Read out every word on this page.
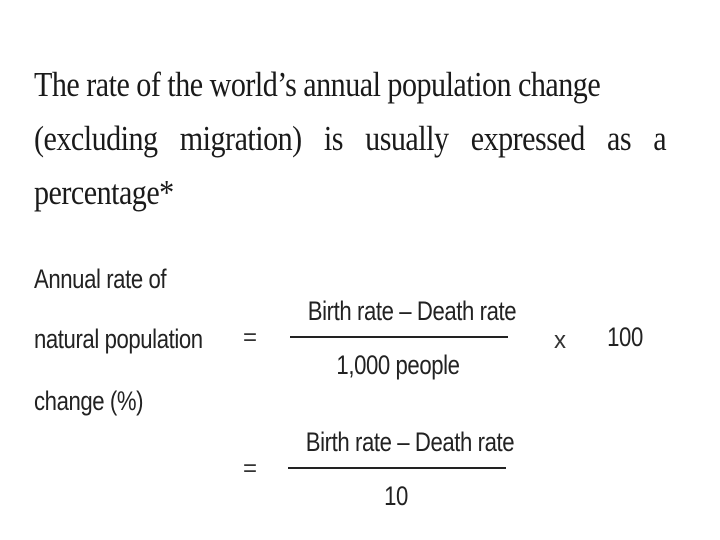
The rate of the world’s annual population change
(excluding migration) is usually expressed as a
percentage*
Annual rate of
natural population
change (%)
=
Birth rate – Death rate
1,000 people
x 100
=
Birth rate – Death rate
10
